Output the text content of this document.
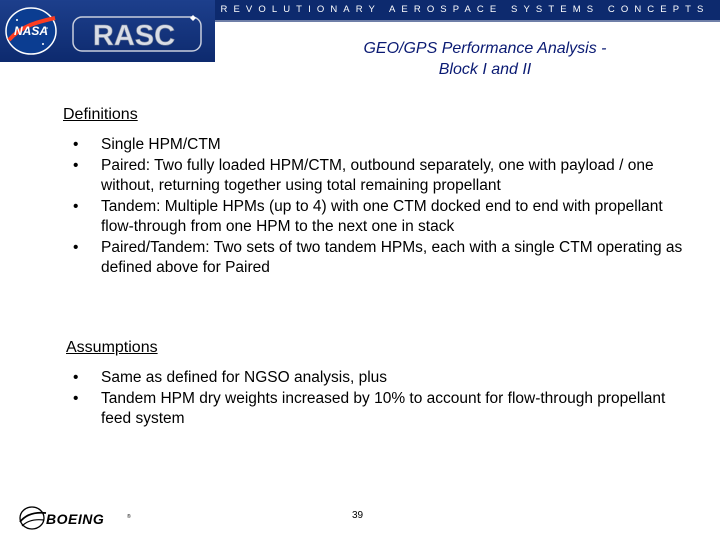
REVOLUTIONARY AEROSPACE SYSTEMS CONCEPTS
NASA RASC	GEO/GPS Performance Analysis -
Block I and II
Definitions
• Single HPM/CTM
• Paired: Two fully loaded HPM/CTM, outbound separately, one with payload / one without, returning together using total remaining propellant
• Tandem: Multiple HPMs (up to 4) with one CTM docked end to end with propellant flow-through from one HPM to the next one in stack
• Paired/Tandem: Two sets of two tandem HPMs, each with a single CTM operating as defined above for Paired
Assumptions
• Same as defined for NGSO analysis, plus
• Tandem HPM dry weights increased by 10% to account for flow-through propellant feed system
BOEING	®	39
